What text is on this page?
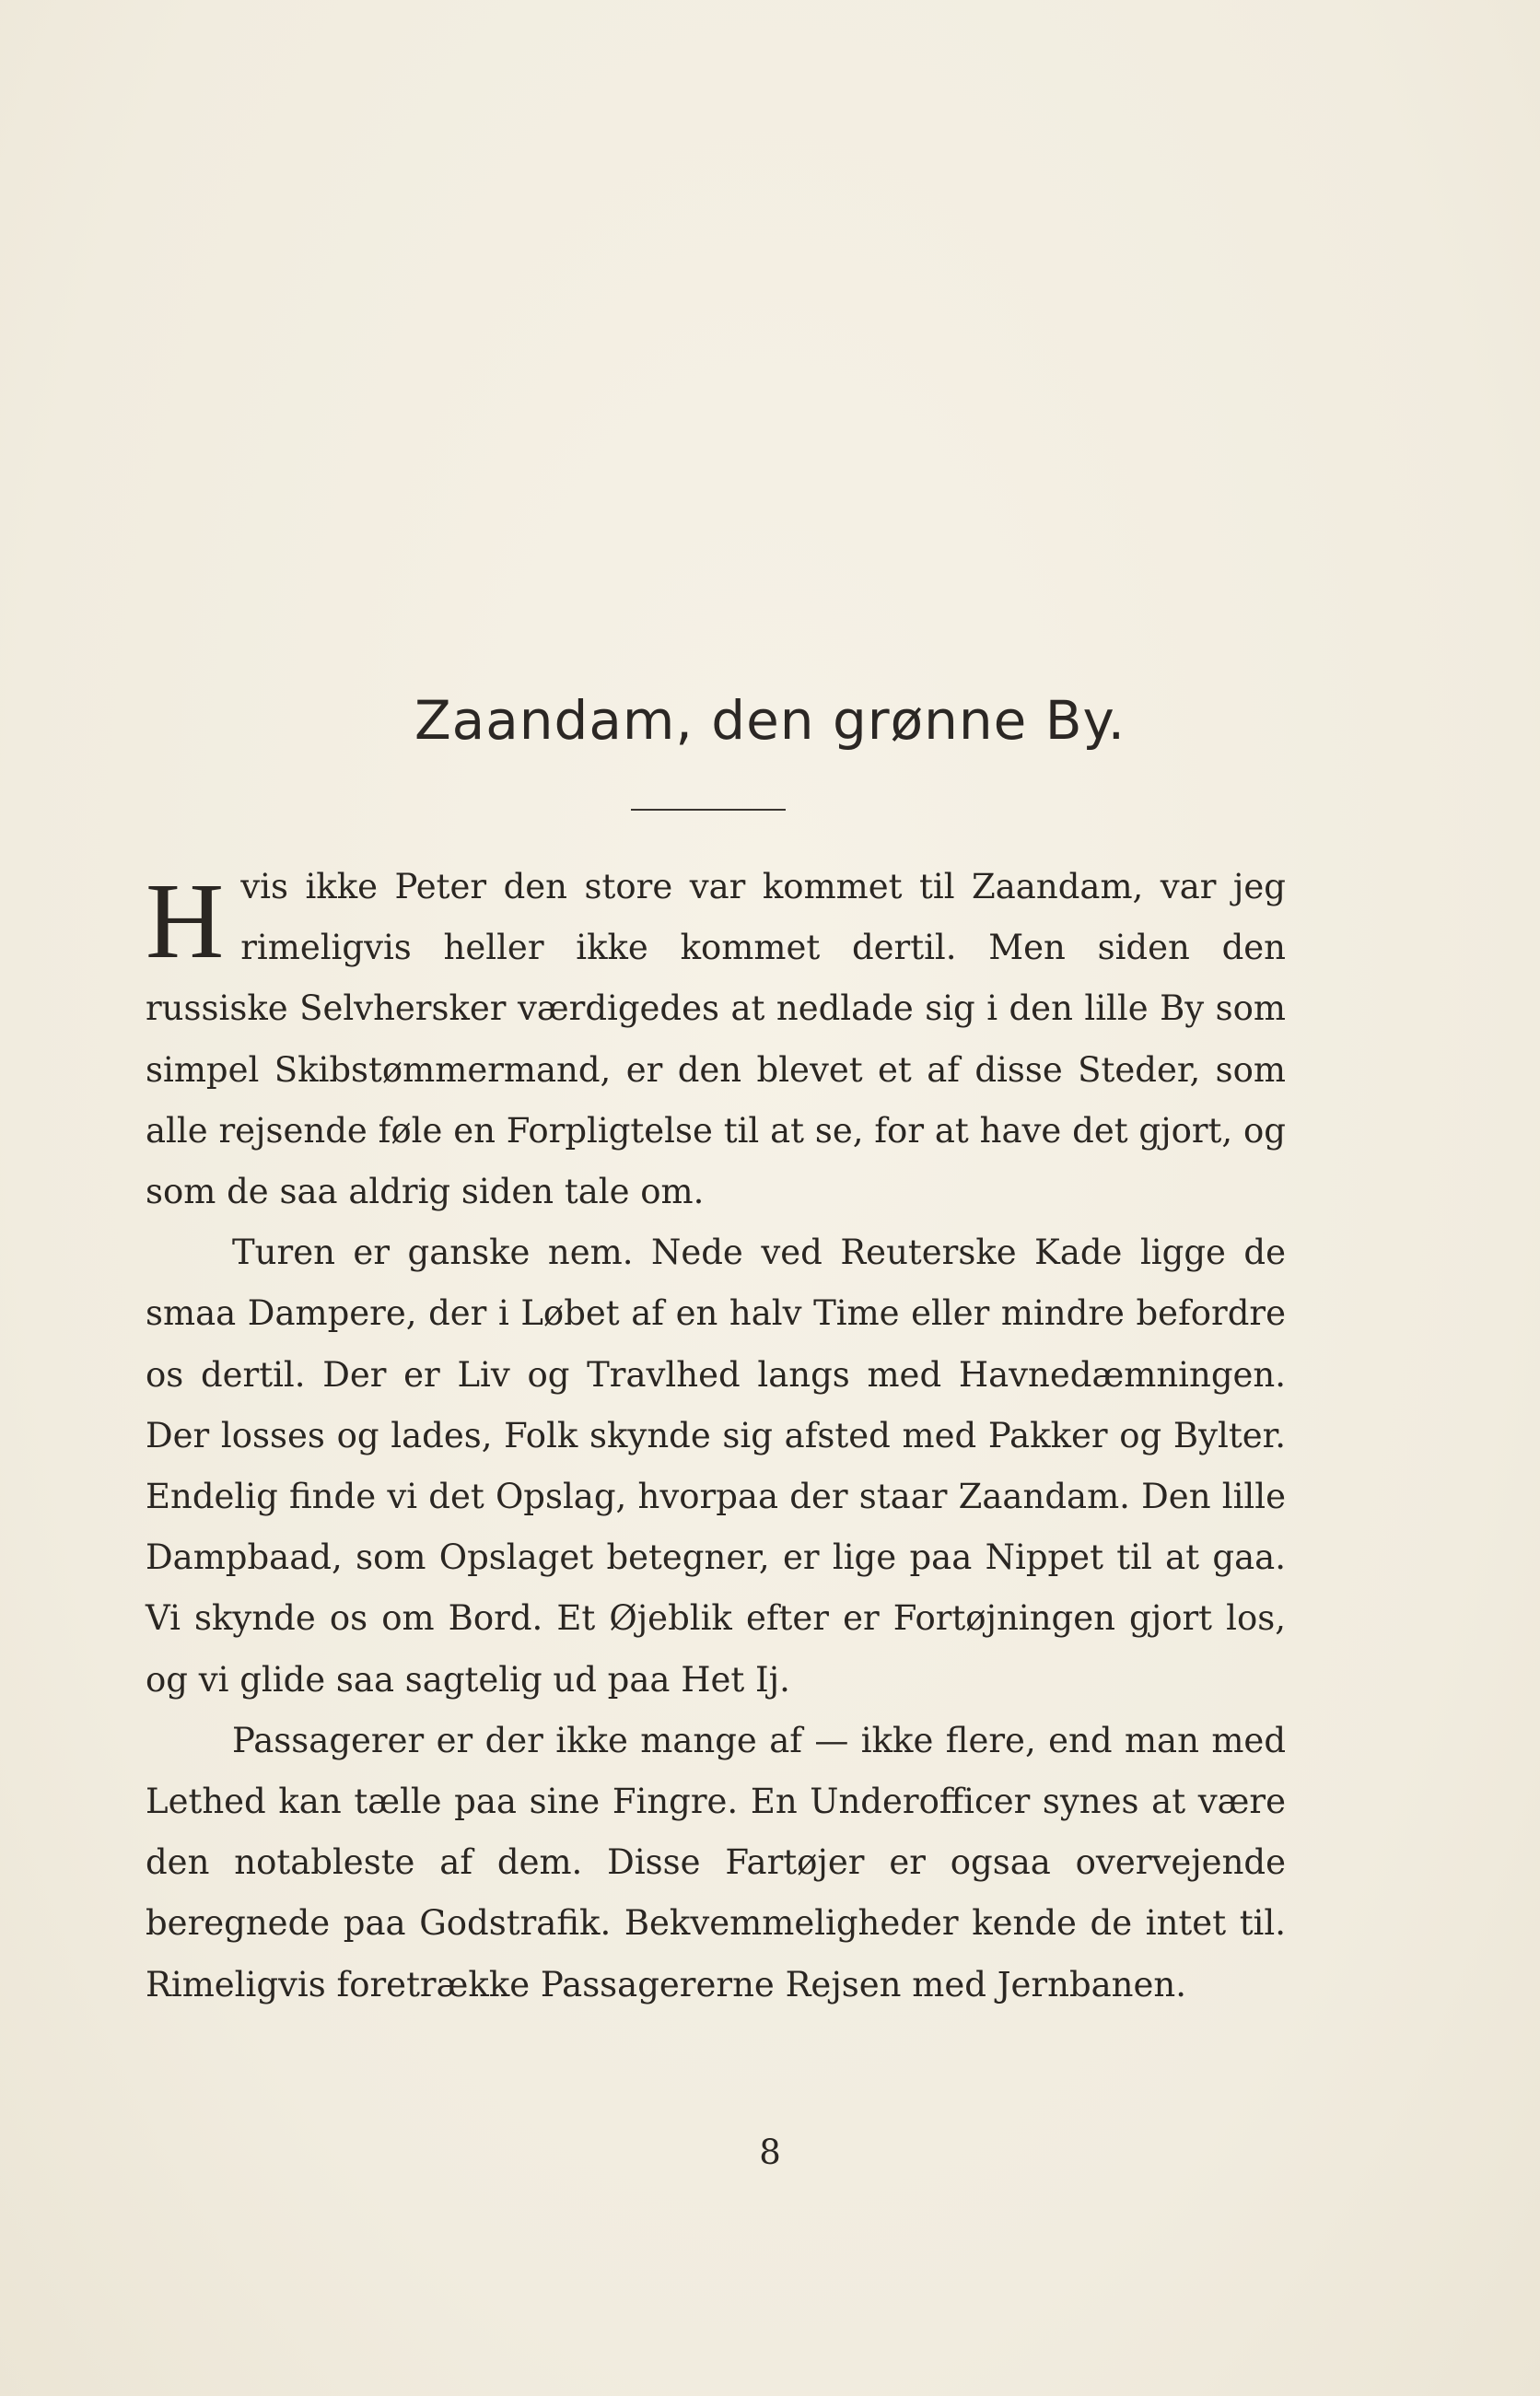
Zaandam, den grønne By.

Hvis ikke Peter den store var kommet til Zaandam, var jeg rimeligvis heller ikke kommet dertil. Men siden den russiske Selvhersker værdigedes at nedlade sig i den lille By som simpel Skibstømmermand, er den blevet et af disse Steder, som alle rejsende føle en Forpligtelse til at se, for at have det gjort, og som de saa aldrig siden tale om.

Turen er ganske nem. Nede ved Reuterske Kade ligge de smaa Dampere, der i Løbet af en halv Time eller mindre befordre os dertil. Der er Liv og Travlhed langs med Havnedæmningen. Der losses og lades, Folk skynde sig afsted med Pakker og Bylter. Endelig finde vi det Opslag, hvorpaa der staar Zaandam. Den lille Dampbaad, som Opslaget betegner, er lige paa Nippet til at gaa. Vi skynde os om Bord. Et Øjeblik efter er Fortøjningen gjort los, og vi glide saa sagtelig ud paa Het Ij.

Passagerer er der ikke mange af — ikke flere, end man med Lethed kan tælle paa sine Fingre. En Underofficer synes at være den notableste af dem. Disse Fartøjer er ogsaa overvejende beregnede paa Godstrafik. Bekvemmeligheder kende de intet til. Rimeligvis foretrække Passagererne Rejsen med Jernbanen.

8
